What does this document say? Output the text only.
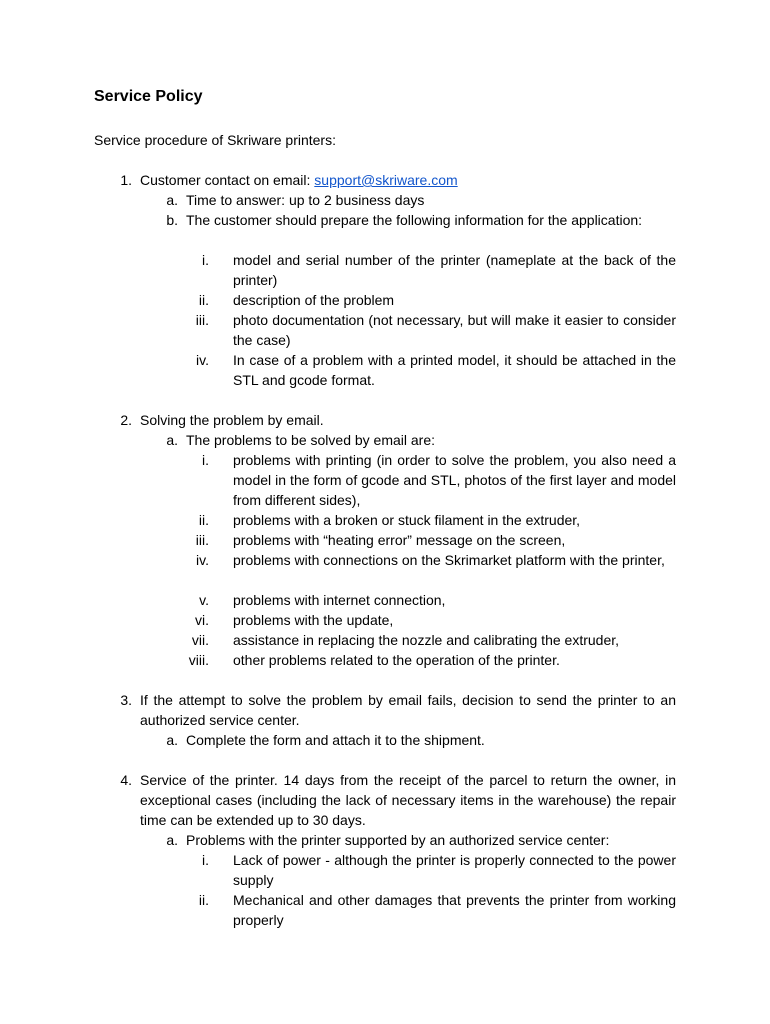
Service Policy
Service procedure of Skriware printers:
1. Customer contact on email: support@skriware.com
a. Time to answer: up to 2 business days
b. The customer should prepare the following information for the application:
i. model and serial number of the printer (nameplate at the back of the printer)
ii. description of the problem
iii. photo documentation (not necessary, but will make it easier to consider the case)
iv. In case of a problem with a printed model, it should be attached in the STL and gcode format.
2. Solving the problem by email.
a. The problems to be solved by email are:
i. problems with printing (in order to solve the problem, you also need a model in the form of gcode and STL, photos of the first layer and model from different sides),
ii. problems with a broken or stuck filament in the extruder,
iii. problems with “heating error” message on the screen,
iv. problems with connections on the Skrimarket platform with the printer,
v. problems with internet connection,
vi. problems with the update,
vii. assistance in replacing the nozzle and calibrating the extruder,
viii. other problems related to the operation of the printer.
3. If the attempt to solve the problem by email fails, decision to send the printer to an authorized service center.
a. Complete the form and attach it to the shipment.
4. Service of the printer. 14 days from the receipt of the parcel to return the owner, in exceptional cases (including the lack of necessary items in the warehouse) the repair time can be extended up to 30 days.
a. Problems with the printer supported by an authorized service center:
i. Lack of power - although the printer is properly connected to the power supply
ii. Mechanical and other damages that prevents the printer from working properly
